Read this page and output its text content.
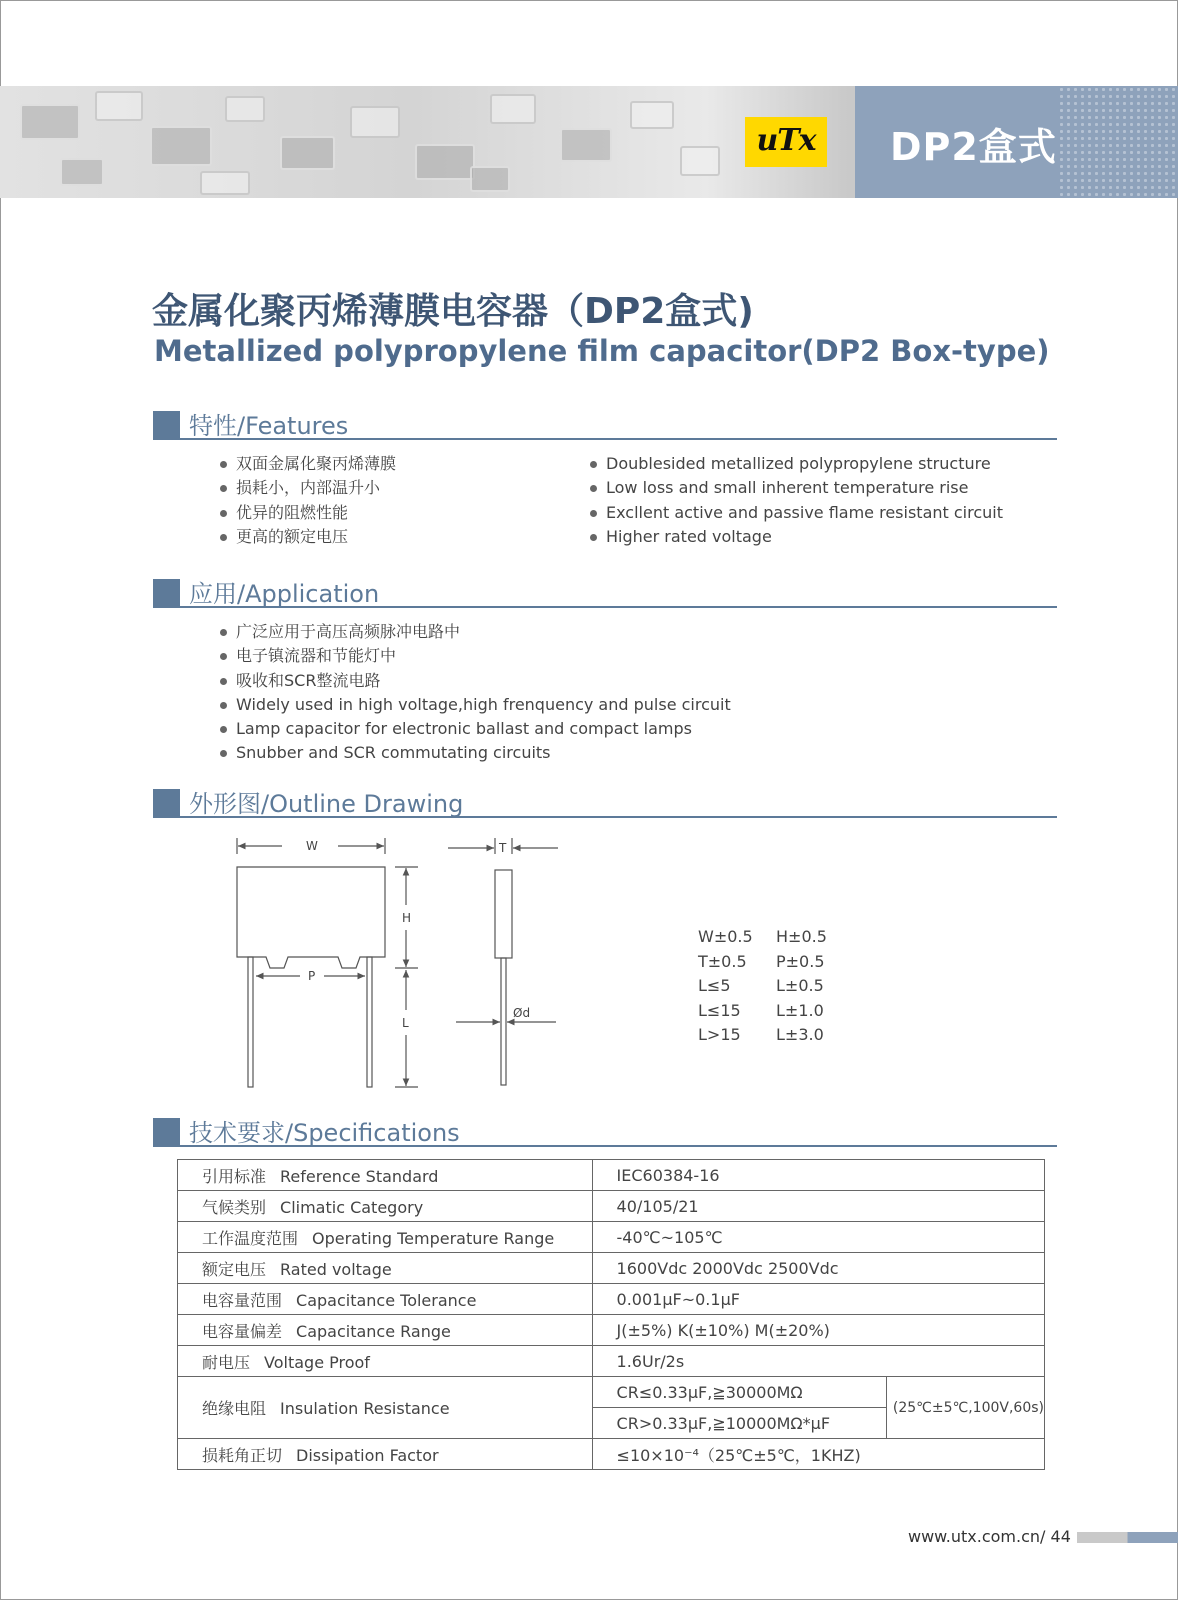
uTx	DP2盒式
金属化聚丙烯薄膜电容器（DP2盒式)
Metallized polypropylene film capacitor(DP2 Box-type)
特性/Features
双面金属化聚丙烯薄膜
损耗小，内部温升小
优异的阻燃性能
更高的额定电压
Doublesided metallized polypropylene structure
Low loss and small inherent temperature rise
Excllent active and passive flame resistant circuit
Higher rated voltage
应用/Application
广泛应用于高压高频脉冲电路中
电子镇流器和节能灯中
吸收和SCR整流电路
Widely used in high voltage,high frenquency and pulse circuit
Lamp capacitor for electronic ballast and compact lamps
Snubber and SCR commutating circuits
外形图/Outline Drawing
W
H
P
L
T
Ød
W±0.5 H±0.5
T±0.5 P±0.5
L≤5	L±0.5
L≤15 L±1.0
L>15 L±3.0
技术要求/Specifications
引用标准 Reference Standard	IEC60384-16	
气候类别 Climatic Category	40/105/21	
工作温度范围 Operating Temperature Range	-40℃~105℃	
额定电压 Rated voltage	1600Vdc 2000Vdc 2500Vdc	
电容量范围 Capacitance Tolerance	0.001μF~0.1μF	
电容量偏差 Capacitance Range	J(±5%) K(±10%) M(±20%)	
耐电压 Voltage Proof	1.6Ur/2s	
绝缘电阻 Insulation Resistance	CR≤0.33μF,≧30000MΩ	(25℃±5℃,100V,60s)
	CR>0.33μF,≧10000MΩ*μF	
损耗角正切 Dissipation Factor	≤10×10⁻⁴（25℃±5℃，1KHZ)	
www.utx.com.cn/ 44
